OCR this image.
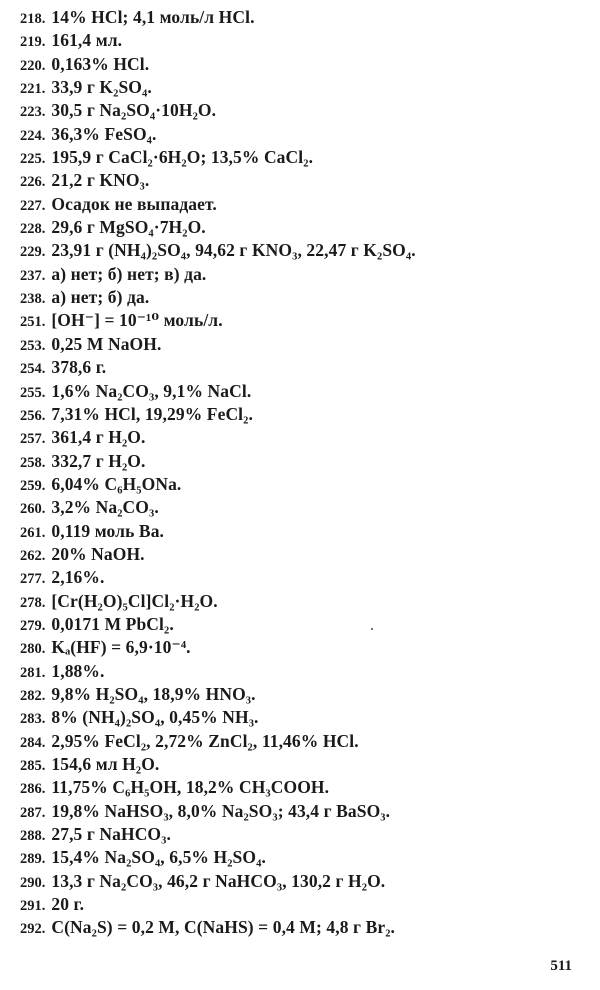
218. 14% HCl; 4,1 моль/л HCl.
219. 161,4 мл.
220. 0,163% HCl.
221. 33,9 г K₂SO₄.
223. 30,5 г Na₂SO₄·10H₂O.
224. 36,3% FeSO₄.
225. 195,9 г CaCl₂·6H₂O; 13,5% CaCl₂.
226. 21,2 г KNO₃.
227. Осадок не выпадает.
228. 29,6 г MgSO₄·7H₂O.
229. 23,91 г (NH₄)₂SO₄, 94,62 г KNO₃, 22,47 г K₂SO₄.
237. а) нет; б) нет; в) да.
238. а) нет; б) да.
251. [OH⁻] = 10⁻¹⁰ моль/л.
253. 0,25 M NaOH.
254. 378,6 г.
255. 1,6% Na₂CO₃, 9,1% NaCl.
256. 7,31% HCl, 19,29% FeCl₂.
257. 361,4 г H₂O.
258. 332,7 г H₂O.
259. 6,04% C₆H₅ONa.
260. 3,2% Na₂CO₃.
261. 0,119 моль Ba.
262. 20% NaOH.
277. 2,16%.
278. [Cr(H₂O)₅Cl]Cl₂·H₂O.
279. 0,0171 M PbCl₂.
280. Kₐ(HF) = 6,9·10⁻⁴.
281. 1,88%.
282. 9,8% H₂SO₄, 18,9% HNO₃.
283. 8% (NH₄)₂SO₄, 0,45% NH₃.
284. 2,95% FeCl₂, 2,72% ZnCl₂, 11,46% HCl.
285. 154,6 мл H₂O.
286. 11,75% C₆H₅OH, 18,2% CH₃COOH.
287. 19,8% NaHSO₃, 8,0% Na₂SO₃; 43,4 г BaSO₃.
288. 27,5 г NaHCO₃.
289. 15,4% Na₂SO₄, 6,5% H₂SO₄.
290. 13,3 г Na₂CO₃, 46,2 г NaHCO₃, 130,2 г H₂O.
291. 20 г.
292. C(Na₂S) = 0,2 M, C(NaHS) = 0,4 M; 4,8 г Br₂.
511
